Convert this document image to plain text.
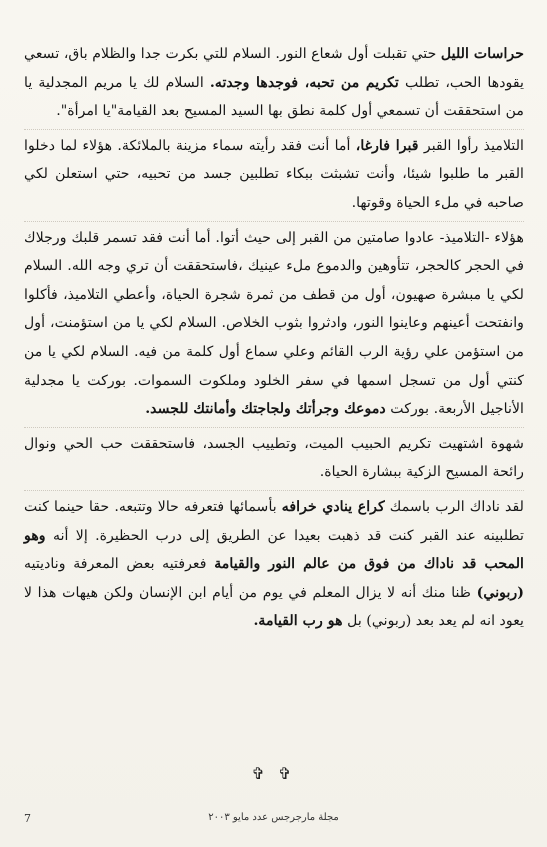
حراسات الليل حتي تقبلت أول شعاع النور. السلام للتي بكرت جدا والظلام باق، تسعي يقودها الحب، تطلب تكريم من تحبه، فوجدها وجدته. السلام لك يا مريم المجدلية يا من استحققت أن تسمعي أول كلمة نطق بها السيد المسيح بعد القيامة"يا امرأة".

التلاميذ رأوا القبر قبرا فارغا، أما أنت فقد رأيته سماء مزينة بالملائكة. هؤلاء لما دخلوا القبر ما طلبوا شيئا، وأنت تشبثت ببكاء تطلبين جسد من تحبيه، حتي استعلن لكي صاحبه في ملء الحياة وقوتها.

هؤلاء -التلاميذ- عادوا صامتين من القبر إلى حيث أتوا. أما أنت فقد تسمر قلبك ورجلاك في الحجر كالحجر، تتأوهين والدموع ملء عينيك ،فاستحققت أن تري وجه الله. السلام لكي يا مبشرة صهيون، أول من قطف من ثمرة شجرة الحياة، وأعطي التلاميذ، فأكلوا وانفتحت أعينهم وعاينوا النور، وادثروا بثوب الخلاص. السلام لكي يا من استؤمنت، أول من استؤمن علي رؤية الرب القائم وعلي سماع أول كلمة من فيه. السلام لكي يا من كنتي أول من تسجل اسمها في سفر الخلود وملكوت السموات. بوركت يا مجدلية الأناجيل الأربعة. بوركت دموعك وجرأتك ولجاجتك وأمانتك للجسد.

شهوة اشتهيت تكريم الحبيب الميت، وتطييب الجسد، فاستحققت حب الحي ونوال رائحة المسيح الزكية ببشارة الحياة.

لقد ناداك الرب باسمك كراع ينادي خرافه بأسمائها فتعرفه حالا وتتبعه. حقا حينما كنت تطلبينه عند القبر كنت قد ذهبت بعيدا عن الطريق إلى درب الحظيرة. إلا أنه وهو المحب قد ناداك من فوق من عالم النور والقيامة فعرفتيه بعض المعرفة وناديتيه (ربوني) ظنا منك أنه لا يزال المعلم في يوم من أيام ابن الإنسان ولكن هيهات هذا لا يعود انه لم يعد بعد (ربوني) بل هو رب القيامة.

✞ ✞
7	مجلة مارجرجس عدد مايو ٢٠٠٣
